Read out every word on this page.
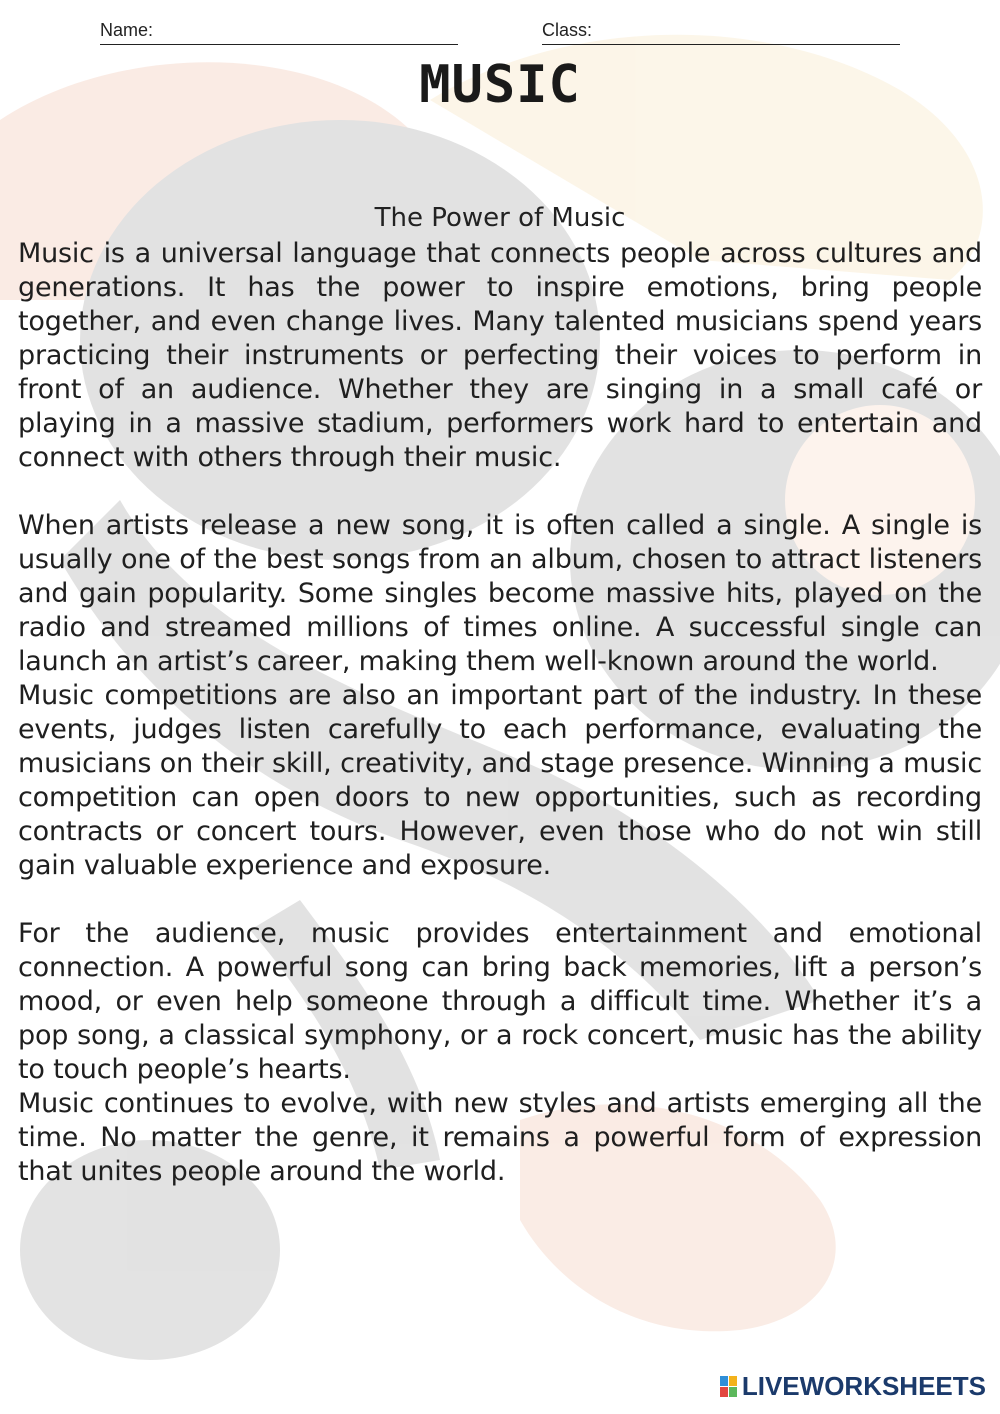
Name:	Class:
MUSIC
The Power of Music

Music is a universal language that connects people across cultures and generations. It has the power to inspire emotions, bring people together, and even change lives. Many talented musicians spend years practicing their instruments or perfecting their voices to perform in front of an audience. Whether they are singing in a small café or playing in a massive stadium, performers work hard to entertain and connect with others through their music.

When artists release a new song, it is often called a single. A single is usually one of the best songs from an album, chosen to attract listeners and gain popularity. Some singles become massive hits, played on the radio and streamed millions of times online. A successful single can launch an artist’s career, making them well-known around the world.

Music competitions are also an important part of the industry. In these events, judges listen carefully to each performance, evaluating the musicians on their skill, creativity, and stage presence. Winning a music competition can open doors to new opportunities, such as recording contracts or concert tours. However, even those who do not win still gain valuable experience and exposure.

For the audience, music provides entertainment and emotional connection. A powerful song can bring back memories, lift a person’s mood, or even help someone through a difficult time. Whether it’s a pop song, a classical symphony, or a rock concert, music has the ability to touch people’s hearts.

Music continues to evolve, with new styles and artists emerging all the time. No matter the genre, it remains a powerful form of expression that unites people around the world.

LIVEWORKSHEETS
